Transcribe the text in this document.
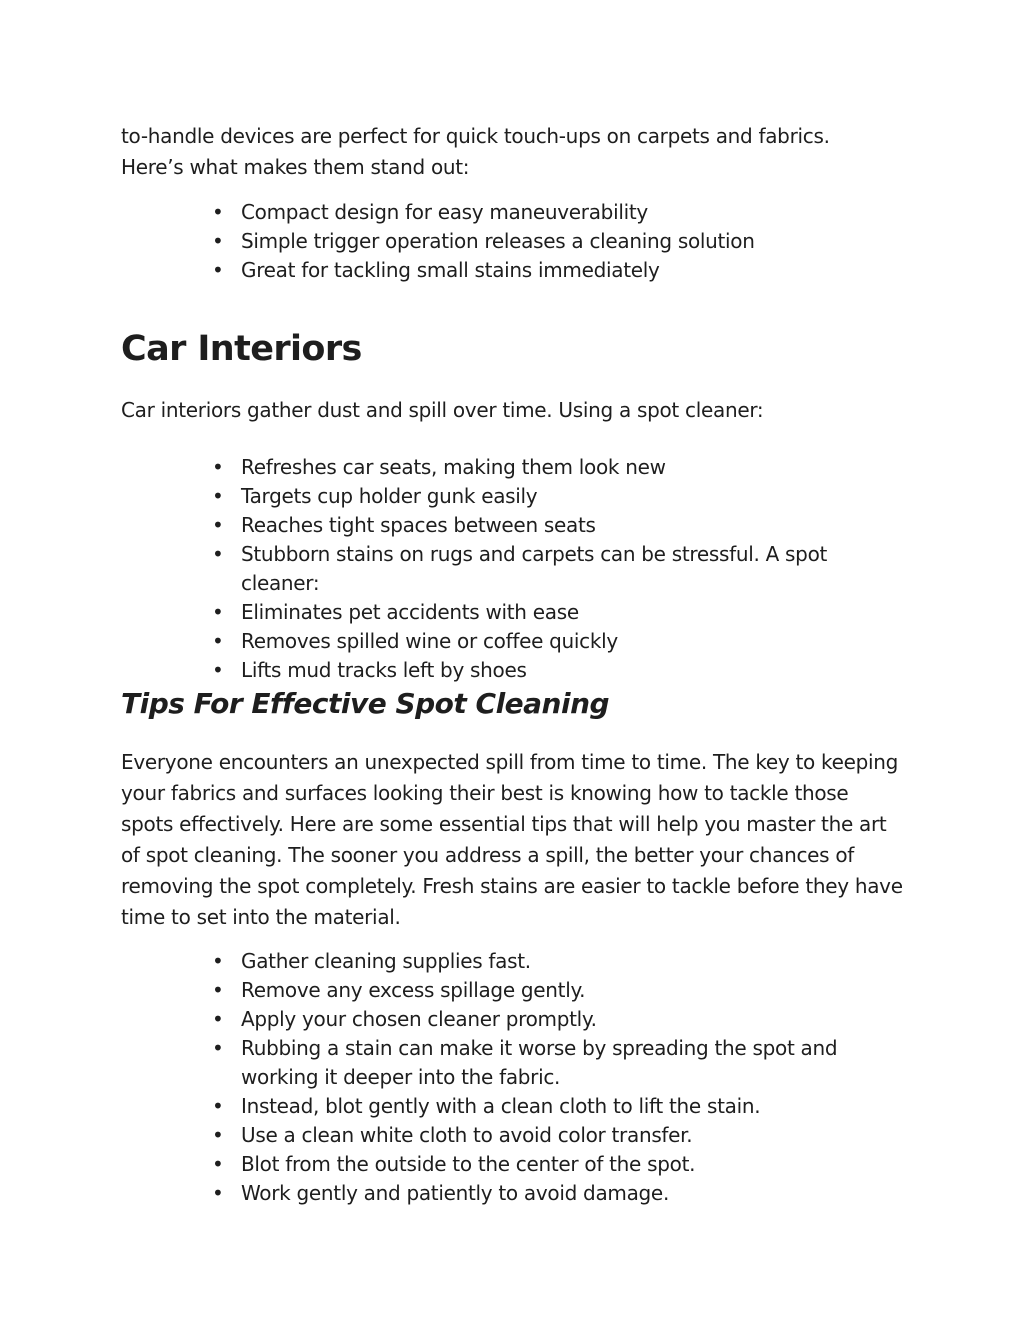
to-handle devices are perfect for quick touch-ups on carpets and fabrics. Here’s what makes them stand out:

• Compact design for easy maneuverability
• Simple trigger operation releases a cleaning solution
• Great for tackling small stains immediately
Car Interiors

Car interiors gather dust and spill over time. Using a spot cleaner:

• Refreshes car seats, making them look new
• Targets cup holder gunk easily
• Reaches tight spaces between seats
• Stubborn stains on rugs and carpets can be stressful. A spot cleaner:
• Eliminates pet accidents with ease
• Removes spilled wine or coffee quickly
• Lifts mud tracks left by shoes
Tips For Effective Spot Cleaning

Everyone encounters an unexpected spill from time to time. The key to keeping your fabrics and surfaces looking their best is knowing how to tackle those spots effectively. Here are some essential tips that will help you master the art of spot cleaning. The sooner you address a spill, the better your chances of removing the spot completely. Fresh stains are easier to tackle before they have time to set into the material.

• Gather cleaning supplies fast.
• Remove any excess spillage gently.
• Apply your chosen cleaner promptly.
• Rubbing a stain can make it worse by spreading the spot and working it deeper into the fabric.
• Instead, blot gently with a clean cloth to lift the stain.
• Use a clean white cloth to avoid color transfer.
• Blot from the outside to the center of the spot.
• Work gently and patiently to avoid damage.
